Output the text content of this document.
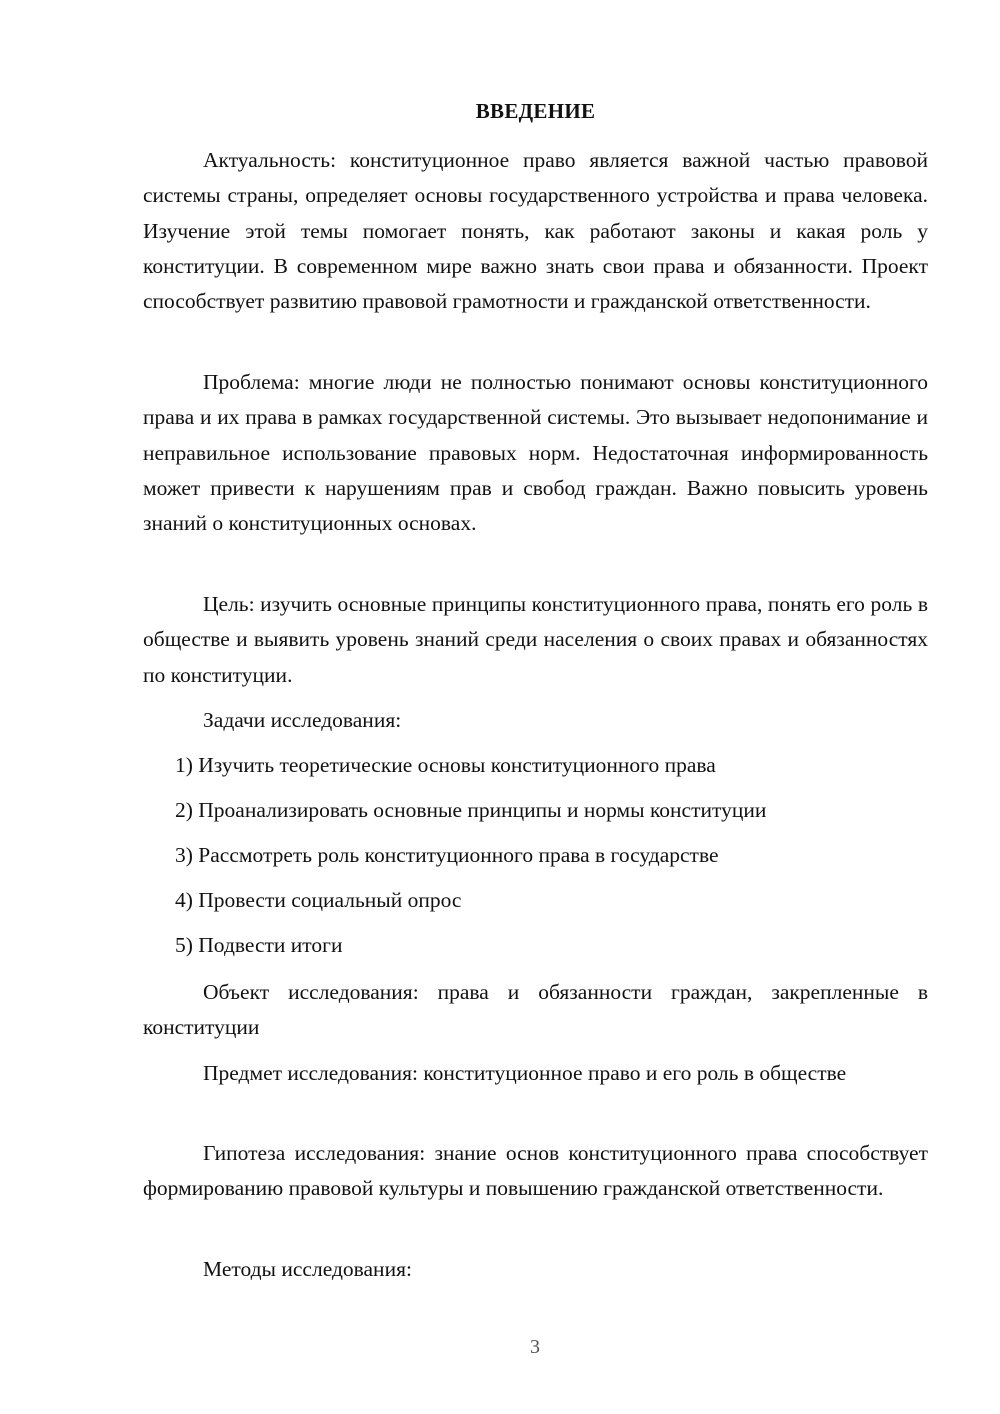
ВВЕДЕНИЕ

Актуальность: конституционное право является важной частью правовой системы страны, определяет основы государственного устройства и права человека. Изучение этой темы помогает понять, как работают законы и какая роль у конституции. В современном мире важно знать свои права и обязанности. Проект способствует развитию правовой грамотности и гражданской ответственности.

Проблема: многие люди не полностью понимают основы конституционного права и их права в рамках государственной системы. Это вызывает недопонимание и неправильное использование правовых норм. Недостаточная информированность может привести к нарушениям прав и свобод граждан. Важно повысить уровень знаний о конституционных основах.

Цель: изучить основные принципы конституционного права, понять его роль в обществе и выявить уровень знаний среди населения о своих правах и обязанностях по конституции.

Задачи исследования:

1) Изучить теоретические основы конституционного права
2) Проанализировать основные принципы и нормы конституции
3) Рассмотреть роль конституционного права в государстве
4) Провести социальный опрос
5) Подвести итоги

Объект исследования: права и обязанности граждан, закрепленные в конституции

Предмет исследования: конституционное право и его роль в обществе

Гипотеза исследования: знание основ конституционного права способствует формированию правовой культуры и повышению гражданской ответственности.

Методы исследования:

3
